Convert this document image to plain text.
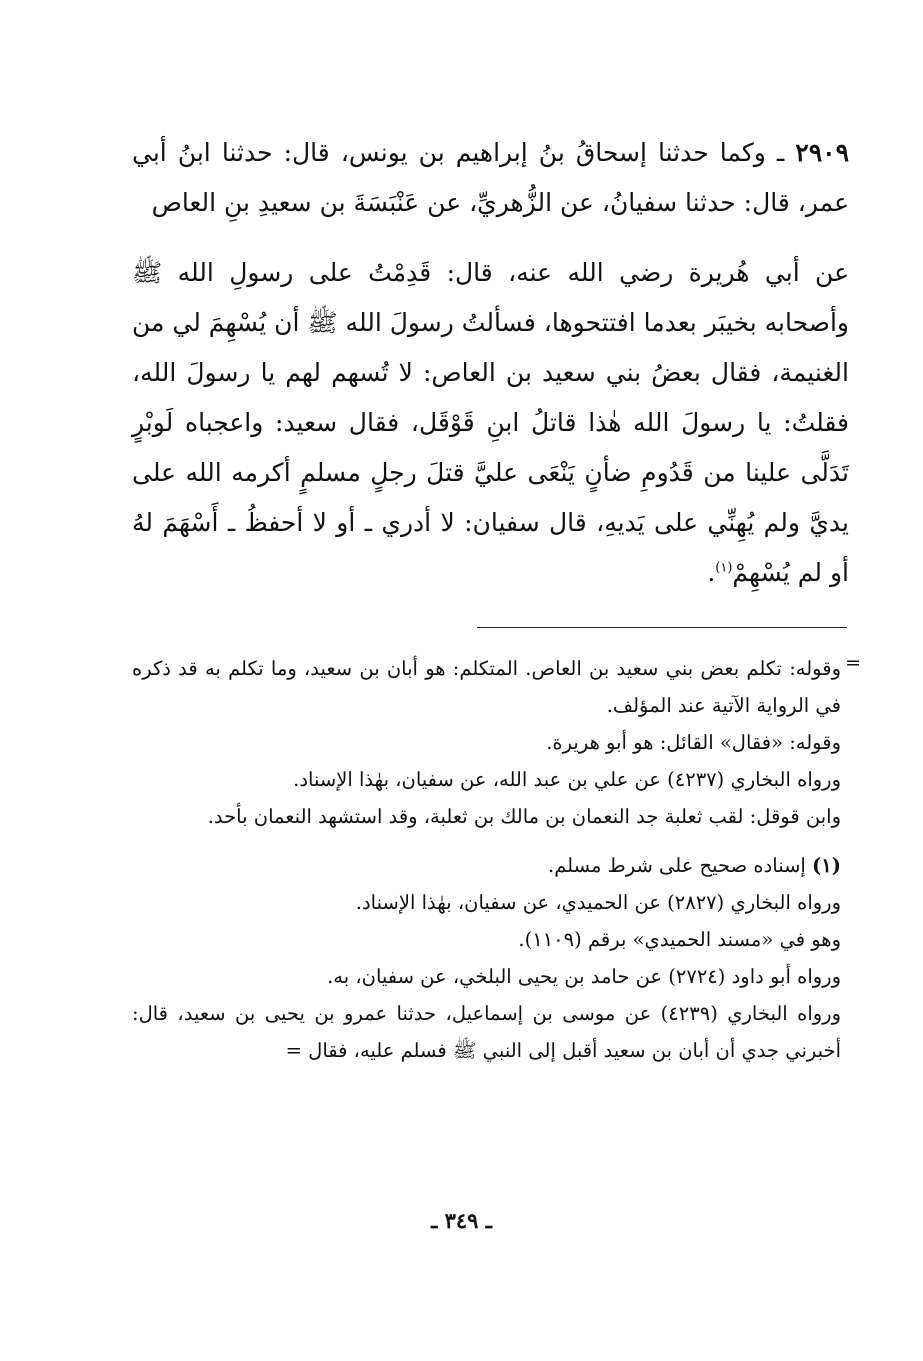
٢٩٠٩ ـ وكما حدثنا إسحاقُ بنُ إبراهيم بن يونس، قال: حدثنا ابنُ أبي عمر، قال: حدثنا سفيانُ، عن الزُّهريِّ، عن عَنْبَسَةَ بن سعيدِ بنِ العاص

عن أبي هُريرة رضي الله عنه، قال: قَدِمْتُ على رسولِ الله ﷺ وأصحابه بخيبَر بعدما افتتحوها، فسألتُ رسولَ الله ﷺ أن يُسْهِمَ لي من الغنيمة، فقال بعضُ بني سعيد بن العاص: لا تُسهم لهم يا رسولَ الله، فقلتُ: يا رسولَ الله هٰذا قاتلُ ابنِ قَوْقَل، فقال سعيد: واعجباه لَوبْرٍ تَدَلَّى علينا من قَدُومِ ضأنٍ يَنْعَى عليَّ قتلَ رجلٍ مسلمٍ أكرمه الله على يديَّ ولم يُهِنِّي على يَديهِ، قال سفيان: لا أدري ـ أو لا أحفظُ ـ أَسْهَمَ لهُ أو لم يُسْهِمْ$^{(١)}$.

=

وقوله: تكلم بعض بني سعيد بن العاص. المتكلم: هو أبان بن سعيد، وما تكلم به قد ذكره في الرواية الآتية عند المؤلف.

وقوله: «فقال» القائل: هو أبو هريرة.

ورواه البخاري (٤٢٣٧) عن علي بن عبد الله، عن سفيان، بهٰذا الإسناد.

وابن قوقل: لقب ثعلبة جد النعمان بن مالك بن ثعلبة، وقد استشهد النعمان بأحد.

(١) إسناده صحيح على شرط مسلم.

ورواه البخاري (٢٨٢٧) عن الحميدي، عن سفيان، بهٰذا الإسناد.

وهو في «مسند الحميدي» برقم (١١٠٩).

ورواه أبو داود (٢٧٢٤) عن حامد بن يحيى البلخي، عن سفيان، به.

ورواه البخاري (٤٢٣٩) عن موسى بن إسماعيل، حدثنا عمرو بن يحيى بن سعيد، قال: أخبرني جدي أن أبان بن سعيد أقبل إلى النبي ﷺ فسلم عليه، فقال =

ـ ٣٤٩ ـ
